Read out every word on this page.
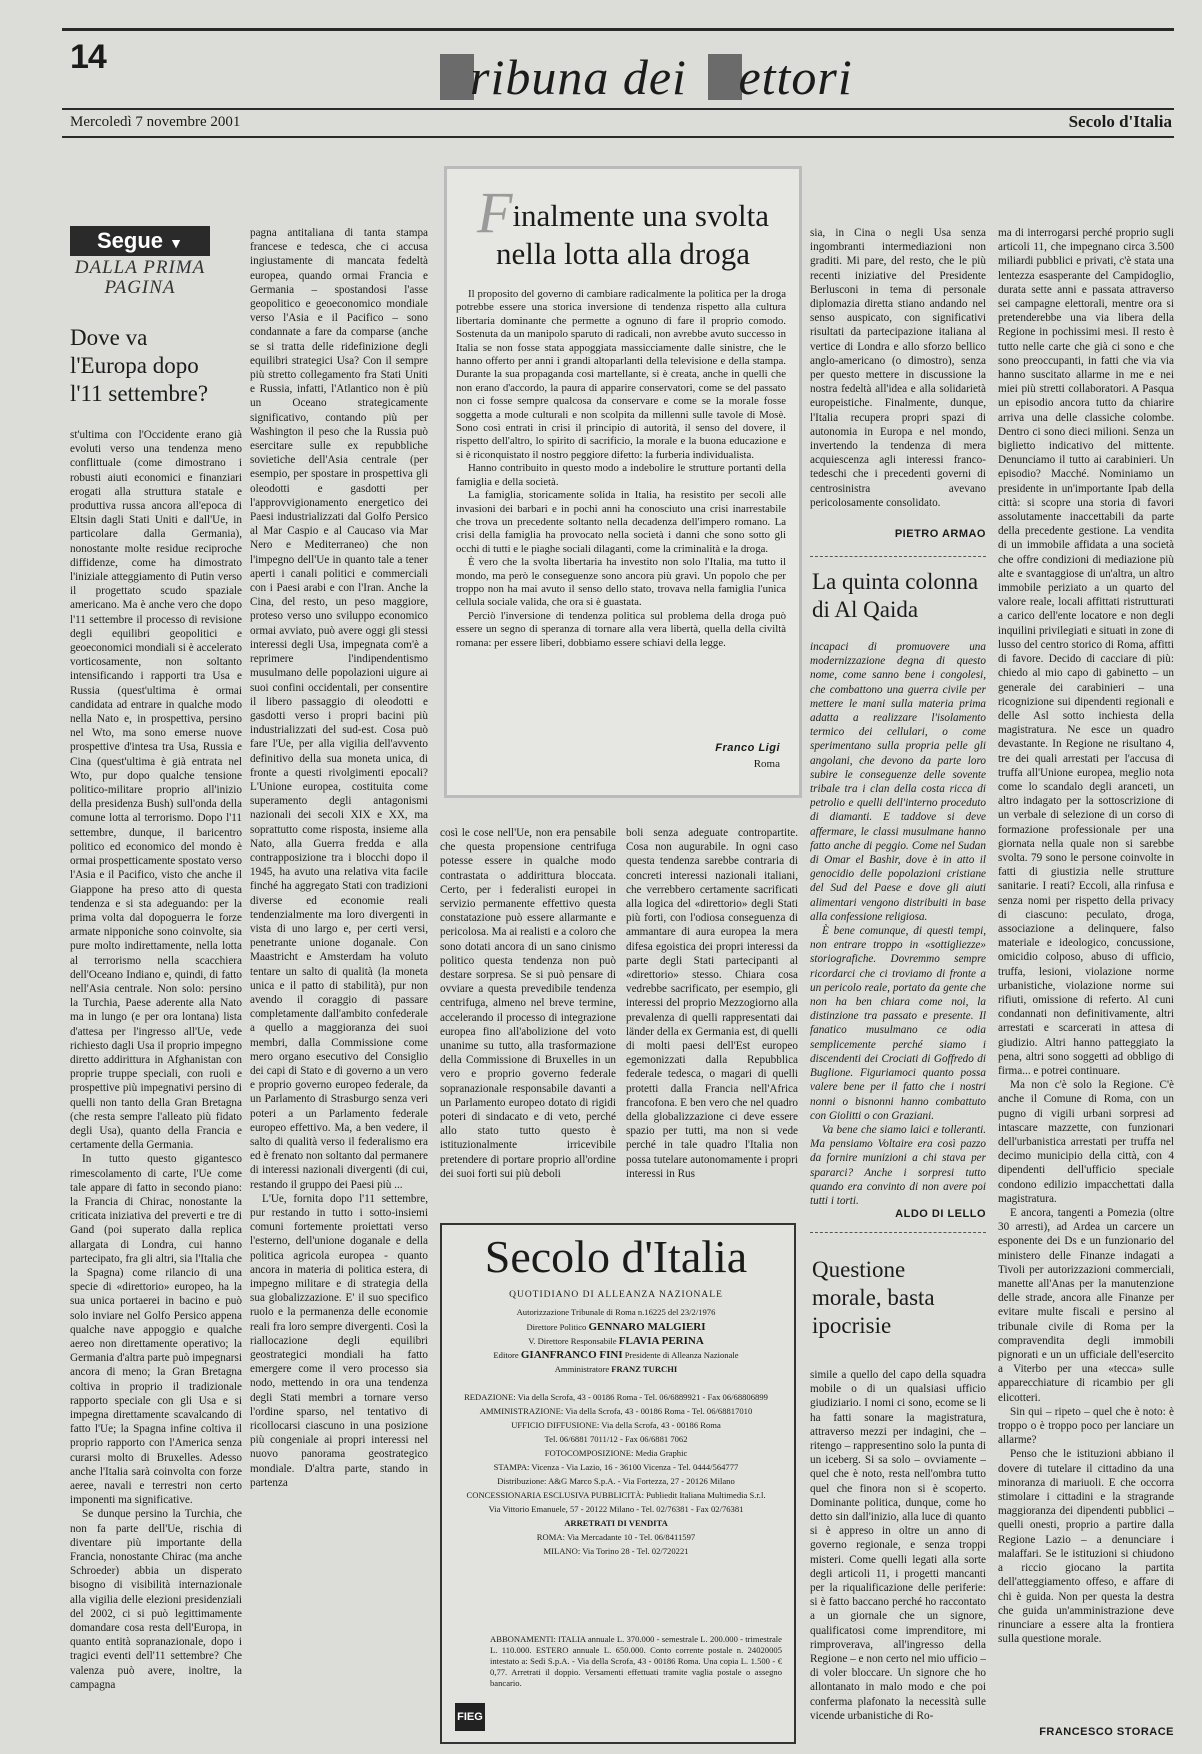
14	ribuna dei ettori
Mercoledì 7 novembre 2001	Secolo d'Italia
Segue ▼
DALLA PRIMA PAGINA
Dove va l'Europa dopo l'11 settembre?

st'ultima con l'Occidente erano già evoluti verso una tendenza meno conflittuale (come dimostrano i robusti aiuti economici e finanziari erogati alla struttura statale e produttiva russa ancora all'epoca di Eltsin dagli Stati Uniti e dall'Ue, in particolare dalla Germania), nonostante molte residue reciproche diffidenze, come ha dimostrato l'iniziale atteggiamento di Putin verso il progettato scudo spaziale americano. Ma è anche vero che dopo l'11 settembre il processo di revisione degli equilibri geopolitici e geoeconomici mondiali si è accelerato vorticosamente, non soltanto intensificando i rapporti tra Usa e Russia (quest'ultima è ormai candidata ad entrare in qualche modo nella Nato e, in prospettiva, persino nel Wto, ma sono emerse nuove prospettive d'intesa tra Usa, Russia e Cina (quest'ultima è già entrata nel Wto, pur dopo qualche tensione politico-militare proprio all'inizio della presidenza Bush) sull'onda della comune lotta al terrorismo. Dopo l'11 settembre, dunque, il baricentro politico ed economico del mondo è ormai prospetticamente spostato verso l'Asia e il Pacifico, visto che anche il Giappone ha preso atto di questa tendenza e si sta adeguando: per la prima volta dal dopoguerra le forze armate nipponiche sono coinvolte, sia pure molto indirettamente, nella lotta al terrorismo nella scacchiera dell'Oceano Indiano e, quindi, di fatto nell'Asia centrale. Non solo: persino la Turchia, Paese aderente alla Nato ma in lungo (e per ora lontana) lista d'attesa per l'ingresso all'Ue, vede richiesto dagli Usa il proprio impegno diretto addirittura in Afghanistan con proprie truppe speciali, con ruoli e prospettive più impegnativi persino di quelli non tanto della Gran Bretagna (che resta sempre l'alleato più fidato degli Usa), quanto della Francia e certamente della Germania.

In tutto questo gigantesco rimescolamento di carte, l'Ue come tale appare di fatto in secondo piano: la Francia di Chirac, nonostante la criticata iniziativa del preverti e tre di Gand (poi superato dalla replica allargata di Londra, cui hanno partecipato, fra gli altri, sia l'Italia che la Spagna) come rilancio di una specie di «direttorio» europeo, ha la sua unica portaerei in bacino e può solo inviare nel Golfo Persico appena qualche nave appoggio e qualche aereo non direttamente operativo; la Germania d'altra parte può impegnarsi ancora di meno; la Gran Bretagna coltiva in proprio il tradizionale rapporto speciale con gli Usa e si impegna direttamente scavalcando di fatto l'Ue; la Spagna infine coltiva il proprio rapporto con l'America senza curarsi molto di Bruxelles. Adesso anche l'Italia sarà coinvolta con forze aeree, navali e terrestri non certo imponenti ma significative.

Se dunque persino la Turchia, che non fa parte dell'Ue, rischia di diventare più importante della Francia, nonostante Chirac (ma anche Schroeder) abbia un disperato bisogno di visibilità internazionale alla vigilia delle elezioni presidenziali del 2002, ci si può legittimamente domandare cosa resta dell'Europa, in quanto entità sopranazionale, dopo i tragici eventi dell'11 settembre? Che valenza può avere, inoltre, la campagna

pagna antitaliana di tanta stampa francese e tedesca, che ci accusa ingiustamente di mancata fedeltà europea, quando ormai Francia e Germania – spostandosi l'asse geopolitico e geoeconomico mondiale verso l'Asia e il Pacifico – sono condannate a fare da comparse (anche se si tratta delle ridefinizione degli equilibri strategici Usa? Con il sempre più stretto collegamento fra Stati Uniti e Russia, infatti, l'Atlantico non è più un Oceano strategicamente significativo, contando più per Washington il peso che la Russia può esercitare sulle ex repubbliche sovietiche dell'Asia centrale (per esempio, per spostare in prospettiva gli oleodotti e gasdotti per l'approvvigionamento energetico dei Paesi industrializzati dal Golfo Persico al Mar Caspio e al Caucaso via Mar Nero e Mediterraneo) che non l'impegno dell'Ue in quanto tale a tener aperti i canali politici e commerciali con i Paesi arabi e con l'Iran. Anche la Cina, del resto, un peso maggiore, proteso verso uno sviluppo economico ormai avviato, può avere oggi gli stessi interessi degli Usa, impegnata com'è a reprimere l'indipendentismo musulmano delle popolazioni uigure ai suoi confini occidentali, per consentire il libero passaggio di oleodotti e gasdotti verso i propri bacini più industrializzati del sud-est. Cosa può fare l'Ue, per alla vigilia dell'avvento definitivo della sua moneta unica, di fronte a questi rivolgimenti epocali? L'Unione europea, costituita come superamento degli antagonismi nazionali dei secoli XIX e XX, ma soprattutto come risposta, insieme alla Nato, alla Guerra fredda e alla contrapposizione tra i blocchi dopo il 1945, ha avuto una relativa vita facile finché ha aggregato Stati con tradizioni diverse ed economie reali tendenzialmente ma loro divergenti in vista di uno largo e, per certi versi, penetrante unione doganale. Con Maastricht e Amsterdam ha voluto tentare un salto di qualità (la moneta unica e il patto di stabilità), pur non avendo il coraggio di passare completamente dall'ambito confederale a quello a maggioranza dei suoi membri, dalla Commissione come mero organo esecutivo del Consiglio dei capi di Stato e di governo a un vero e proprio governo europeo federale, da un Parlamento di Strasburgo senza veri poteri a un Parlamento federale europeo effettivo. Ma, a ben vedere, il salto di qualità verso il federalismo era ed è frenato non soltanto dal permanere di interessi nazionali divergenti (di cui, restando il gruppo dei Paesi più ...

L'Ue, fornita dopo l'11 settembre, pur restando in tutto i sotto-insiemi comuni fortemente proiettati verso l'esterno, dell'unione doganale e della politica agricola europea - quanto ancora in materia di politica estera, di impegno militare e di strategia della sua globalizzazione. E' il suo specifico ruolo e la permanenza delle economie reali fra loro sempre divergenti. Così la riallocazione degli equilibri geostrategici mondiali ha fatto emergere come il vero processo sia nodo, mettendo in ora una tendenza degli Stati membri a tornare verso l'ordine sparso, nel tentativo di ricollocarsi ciascuno in una posizione più congeniale ai propri interessi nel nuovo panorama geostrategico mondiale. D'altra parte, stando in partenza

Finalmente una svolta nella lotta alla droga

Il proposito del governo di cambiare radicalmente la politica per la droga potrebbe essere una storica inversione di tendenza rispetto alla cultura libertaria dominante che permette a ognuno di fare il proprio comodo. Sostenuta da un manipolo sparuto di radicali, non avrebbe avuto successo in Italia se non fosse stata appoggiata massicciamente dalle sinistre, che le hanno offerto per anni i grandi altoparlanti della televisione e della stampa. Durante la sua propaganda così martellante, si è creata, anche in quelli che non erano d'accordo, la paura di apparire conservatori, come se del passato non ci fosse sempre qualcosa da conservare e come se la morale fosse soggetta a mode culturali e non scolpita da millenni sulle tavole di Mosè. Sono così entrati in crisi il principio di autorità, il senso del dovere, il rispetto dell'altro, lo spirito di sacrificio, la morale e la buona educazione e si è riconquistato il nostro peggiore difetto: la furberia individualista.

Hanno contribuito in questo modo a indebolire le strutture portanti della famiglia e della società.

La famiglia, storicamente solida in Italia, ha resistito per secoli alle invasioni dei barbari e in pochi anni ha conosciuto una crisi inarrestabile che trova un precedente soltanto nella decadenza dell'impero romano. La crisi della famiglia ha provocato nella società i danni che sono sotto gli occhi di tutti e le piaghe sociali dilaganti, come la criminalità e la droga.

È vero che la svolta libertaria ha investito non solo l'Italia, ma tutto il mondo, ma però le conseguenze sono ancora più gravi. Un popolo che per troppo non ha mai avuto il senso dello stato, trovava nella famiglia l'unica cellula sociale valida, che ora si è guastata.

Perciò l'inversione di tendenza politica sul problema della droga può essere un segno di speranza di tornare alla vera libertà, quella della civiltà romana: per essere liberi, dobbiamo essere schiavi della legge.

Franco Ligi
Roma

così le cose nell'Ue, non era pensabile che questa propensione centrifuga potesse essere in qualche modo contrastata o addirittura bloccata. Certo, per i federalisti europei in servizio permanente effettivo questa constatazione può essere allarmante e pericolosa. Ma ai realisti e a coloro che sono dotati ancora di un sano cinismo politico questa tendenza non può destare sorpresa. Se si può pensare di ovviare a questa prevedibile tendenza centrifuga, almeno nel breve termine, accelerando il processo di integrazione europea fino all'abolizione del voto unanime su tutto, alla trasformazione della Commissione di Bruxelles in un vero e proprio governo federale sopranazionale responsabile davanti a un Parlamento europeo dotato di rigidi poteri di sindacato e di veto, perché allo stato tutto questo è istituzionalmente irricevibile pretendere di portare proprio all'ordine dei suoi forti sui più deboli

boli senza adeguate contropartite. Cosa non augurabile. In ogni caso questa tendenza sarebbe contraria di concreti interessi nazionali italiani, che verrebbero certamente sacrificati alla logica del «direttorio» degli Stati più forti, con l'odiosa conseguenza di ammantare di aura europea la mera difesa egoistica dei propri interessi da parte degli Stati partecipanti al «direttorio» stesso. Chiara cosa vedrebbe sacrificato, per esempio, gli interessi del proprio Mezzogiorno alla prevalenza di quelli rappresentati dai länder della ex Germania est, di quelli di molti paesi dell'Est europeo egemonizzati dalla Repubblica federale tedesca, o magari di quelli protetti dalla Francia nell'Africa francofona. E ben vero che nel quadro della globalizzazione ci deve essere spazio per tutti, ma non si vede perché in tale quadro l'Italia non possa tutelare autonomamente i propri interessi in Rus

Secolo d'Italia
QUOTIDIANO DI ALLEANZA NAZIONALE
Autorizzazione Tribunale di Roma n.16225 del 23/2/1976
Direttore Politico GENNARO MALGIERI
V. Direttore Responsabile FLAVIA PERINA
Editore GIANFRANCO FINI Presidente di Alleanza Nazionale
Amministratore FRANZ TURCHI
REDAZIONE: Via della Scrofa, 43 - 00186 Roma - Tel. 06/6889921 - Fax 06/68806899
AMMINISTRAZIONE: Via della Scrofa, 43 - 00186 Roma - Tel. 06/68817010
UFFICIO DIFFUSIONE: Via della Scrofa, 43 - 00186 Roma
Tel. 06/6881 7011/12 - Fax 06/6881 7062
FOTOCOMPOSIZIONE: Media Graphic
STAMPA: Vicenza - Via Lazio, 16 - 36100 Vicenza - Tel. 0444/564777
Distribuzione: A&G Marco S.p.A. - Via Fortezza, 27 - 20126 Milano
CONCESSIONARIA ESCLUSIVA PUBBLICITÀ: Publiedit Italiana Multimedia S.r.l.
Via Vittorio Emanuele, 57 - 20122 Milano - Tel. 02/76381 - Fax 02/76381
ARRETRATI DI VENDITA
ROMA: Via Mercadante 10 - Tel. 06/8411597
MILANO: Via Torino 28 - Tel. 02/720221
ABBONAMENTI: ITALIA annuale L. 370.000 - semestrale L. 200.000 - trimestrale L. 110.000. ESTERO annuale L. 650.000. Conto corrente postale n. 24020005 intestato a: Sedi S.p.A. - Via della Scrofa, 43 - 00186 Roma. Una copia L. 1.500 - € 0,77. Arretrati il doppio. Versamenti effettuati tramite vaglia postale o assegno bancario.
FIEG

sia, in Cina o negli Usa senza ingombranti intermediazioni non graditi. Mi pare, del resto, che le più recenti iniziative del Presidente Berlusconi in tema di personale diplomazia diretta stiano andando nel senso auspicato, con significativi risultati da partecipazione italiana al vertice di Londra e allo sforzo bellico anglo-americano (o dimostro), senza per questo mettere in discussione la nostra fedeltà all'idea e alla solidarietà europeistiche. Finalmente, dunque, l'Italia recupera propri spazi di autonomia in Europa e nel mondo, invertendo la tendenza di mera acquiescenza agli interessi franco-tedeschi che i precedenti governi di centrosinistra avevano pericolosamente consolidato.

PIETRO ARMAO
La quinta colonna di Al Qaida

incapaci di promuovere una modernizzazione degna di questo nome, come sanno bene i congolesi, che combattono una guerra civile per mettere le mani sulla materia prima adatta a realizzare l'isolamento termico dei cellulari, o come sperimentano sulla propria pelle gli angolani, che devono da parte loro subire le conseguenze delle sovente tribale tra i clan della costa ricca di petrolio e quelli dell'interno proceduto di diamanti. E taddove si deve affermare, le classi musulmane hanno fatto anche di peggio. Come nel Sudan di Omar el Bashir, dove è in atto il genocidio delle popolazioni cristiane del Sud del Paese e dove gli aiuti alimentari vengono distribuiti in base alla confessione religiosa.

È bene comunque, di questi tempi, non entrare troppo in «sottigliezze» storiografiche. Dovremmo sempre ricordarci che ci troviamo di fronte a un pericolo reale, portato da gente che non ha ben chiara come noi, la distinzione tra passato e presente. Il fanatico musulmano ce odia semplicemente perché siamo i discendenti dei Crociati di Goffredo di Buglione. Figuriamoci quanto possa valere bene per il fatto che i nostri nonni o bisnonni hanno combattuto con Giolitti o con Graziani.

Va bene che siamo laici e tolleranti. Ma pensiamo Voltaire era così pazzo da fornire munizioni a chi stava per spararci? Anche i sorpresi tutto quando era convinto di non avere poi tutti i torti.

ALDO DI LELLO
Questione morale, basta ipocrisie

simile a quello del capo della squadra mobile o di un qualsiasi ufficio giudiziario. I nomi ci sono, ecome se li ha fatti sonare la magistratura, attraverso mezzi per indagini, che – ritengo – rappresentino solo la punta di un iceberg. Si sa solo – ovviamente – quel che è noto, resta nell'ombra tutto quel che finora non si è scoperto. Dominante politica, dunque, come ho detto sin dall'inizio, alla luce di quanto si è appreso in oltre un anno di governo regionale, e senza troppi misteri. Come quelli legati alla sorte degli articoli 11, i progetti mancanti per la riqualificazione delle periferie: si è fatto baccano perché ho raccontato a un giornale che un signore, qualificatosi come imprenditore, mi rimproverava, all'ingresso della Regione – e non certo nel mio ufficio – di voler bloccare. Un signore che ho allontanato in malo modo e che poi conferma plafonato la necessità sulle vicende urbanistiche di Ro-

ma di interrogarsi perché proprio sugli articoli 11, che impegnano circa 3.500 miliardi pubblici e privati, c'è stata una lentezza esasperante del Campidoglio, durata sette anni e passata attraverso sei campagne elettorali, mentre ora si pretenderebbe una via libera della Regione in pochissimi mesi. Il resto è tutto nelle carte che già ci sono e che sono preoccupanti, in fatti che via via hanno suscitato allarme in me e nei miei più stretti collaboratori. A Pasqua un episodio ancora tutto da chiarire arriva una delle classiche colombe. Dentro ci sono dieci milioni. Senza un biglietto indicativo del mittente. Denunciamo il tutto ai carabinieri. Un episodio? Macché. Nominiamo un presidente in un'importante Ipab della città: si scopre una storia di favori assolutamente inaccettabili da parte della precedente gestione. La vendita di un immobile affidata a una società che offre condizioni di mediazione più alte e svantaggiose di un'altra, un altro immobile periziato a un quarto del valore reale, locali affittati ristrutturati a carico dell'ente locatore e non degli inquilini privilegiati e situati in zone di lusso del centro storico di Roma, affitti di favore. Decido di cacciare di più: chiedo al mio capo di gabinetto – un generale dei carabinieri – una ricognizione sui dipendenti regionali e delle Asl sotto inchiesta della magistratura. Ne esce un quadro devastante. In Regione ne risultano 4, tre dei quali arrestati per l'accusa di truffa all'Unione europea, meglio nota come lo scandalo degli aranceti, un altro indagato per la sottoscrizione di un verbale di selezione di un corso di formazione professionale per una giornata nella quale non si sarebbe svolta. 79 sono le persone coinvolte in fatti di giustizia nelle strutture sanitarie. I reati? Eccoli, alla rinfusa e senza nomi per rispetto della privacy di ciascuno: peculato, droga, associazione a delinquere, falso materiale e ideologico, concussione, omicidio colposo, abuso di ufficio, truffa, lesioni, violazione norme urbanistiche, violazione norme sui rifiuti, omissione di referto. Al cuni condannati non definitivamente, altri arrestati e scarcerati in attesa di giudizio. Altri hanno patteggiato la pena, altri sono soggetti ad obbligo di firma... e potrei continuare.

Ma non c'è solo la Regione. C'è anche il Comune di Roma, con un pugno di vigili urbani sorpresi ad intascare mazzette, con funzionari dell'urbanistica arrestati per truffa nel decimo municipio della città, con 4 dipendenti dell'ufficio speciale condono edilizio impacchettati dalla magistratura.

E ancora, tangenti a Pomezia (oltre 30 arresti), ad Ardea un carcere un esponente dei Ds e un funzionario del ministero delle Finanze indagati a Tivoli per autorizzazioni commerciali, manette all'Anas per la manutenzione delle strade, ancora alle Finanze per evitare multe fiscali e persino al tribunale civile di Roma per la compravendita degli immobili pignorati e un un ufficiale dell'esercito a Viterbo per una «tecca» sulle apparecchiature di ricambio per gli elicotteri.

Sin qui – ripeto – quel che è noto: è troppo o è troppo poco per lanciare un allarme?

Penso che le istituzioni abbiano il dovere di tutelare il cittadino da una minoranza di mariuoli. E che occorra stimolare i cittadini e la stragrande maggioranza dei dipendenti pubblici – quelli onesti, proprio a partire dalla Regione Lazio – a denunciare i malaffari. Se le istituzioni si chiudono a riccio giocano la partita dell'atteggiamento offeso, e affare di chi è guida. Non per questa la destra che guida un'amministrazione deve rinunciare a essere alta la frontiera sulla questione morale.

FRANCESCO STORACE
